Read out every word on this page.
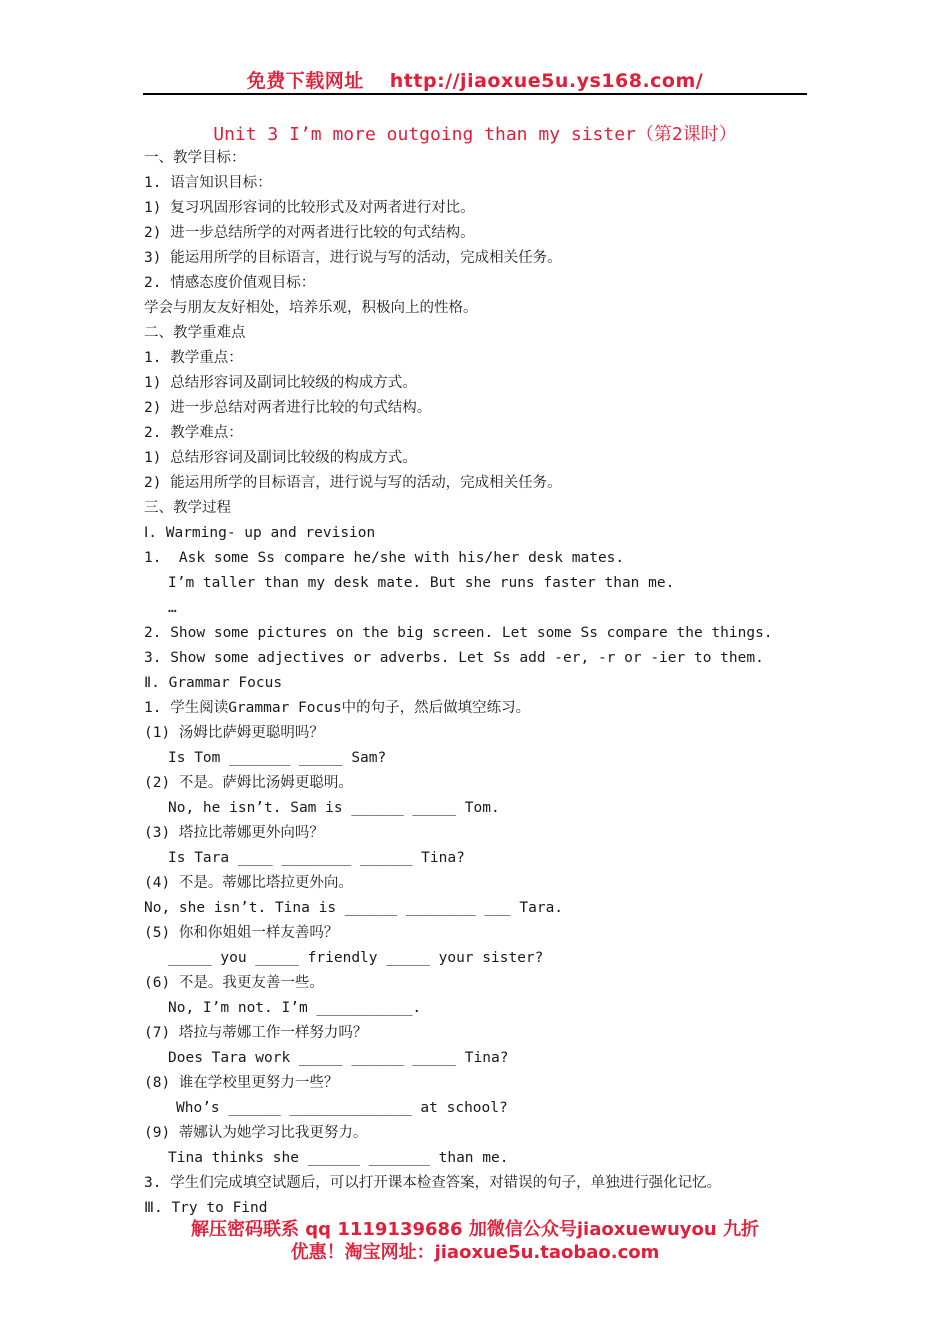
免费下载网址 http://jiaoxue5u.ys168.com/
Unit 3 I’m more outgoing than my sister（第2课时）
一、教学目标：
1. 语言知识目标：
1) 复习巩固形容词的比较形式及对两者进行对比。
2) 进一步总结所学的对两者进行比较的句式结构。
3) 能运用所学的目标语言，进行说与写的活动，完成相关任务。
2. 情感态度价值观目标：
学会与朋友友好相处，培养乐观，积极向上的性格。
二、教学重难点
1. 教学重点：
1) 总结形容词及副词比较级的构成方式。
2) 进一步总结对两者进行比较的句式结构。
2. 教学难点：
1) 总结形容词及副词比较级的构成方式。
2) 能运用所学的目标语言，进行说与写的活动，完成相关任务。
三、教学过程
Ⅰ. Warming- up and revision
1.  Ask some Ss compare he/she with his/her desk mates.
I’m taller than my desk mate. But she runs faster than me.
…
2. Show some pictures on the big screen. Let some Ss compare the things.
3. Show some adjectives or adverbs. Let Ss add -er, -r or -ier to them.
Ⅱ. Grammar Focus
1. 学生阅读Grammar Focus中的句子，然后做填空练习。
(1) 汤姆比萨姆更聪明吗？
Is Tom _______ _____ Sam?
(2) 不是。萨姆比汤姆更聪明。
No, he isn’t. Sam is ______ _____ Tom.
(3) 塔拉比蒂娜更外向吗？
Is Tara ____ ________ ______ Tina?
(4) 不是。蒂娜比塔拉更外向。
No, she isn’t. Tina is ______ ________ ___ Tara.
(5) 你和你姐姐一样友善吗？
_____ you _____ friendly _____ your sister?
(6) 不是。我更友善一些。
No, I’m not. I’m ___________.
(7) 塔拉与蒂娜工作一样努力吗？
Does Tara work _____ ______ _____ Tina?
(8) 谁在学校里更努力一些？
Who’s ______ ______________ at school?
(9) 蒂娜认为她学习比我更努力。
Tina thinks she ______ _______ than me.
3. 学生们完成填空试题后，可以打开课本检查答案，对错误的句子，单独进行强化记忆。
Ⅲ. Try to Find
解压密码联系 qq 1119139686 加微信公众号jiaoxuewuyou 九折
优惠！淘宝网址：jiaoxue5u.taobao.com
